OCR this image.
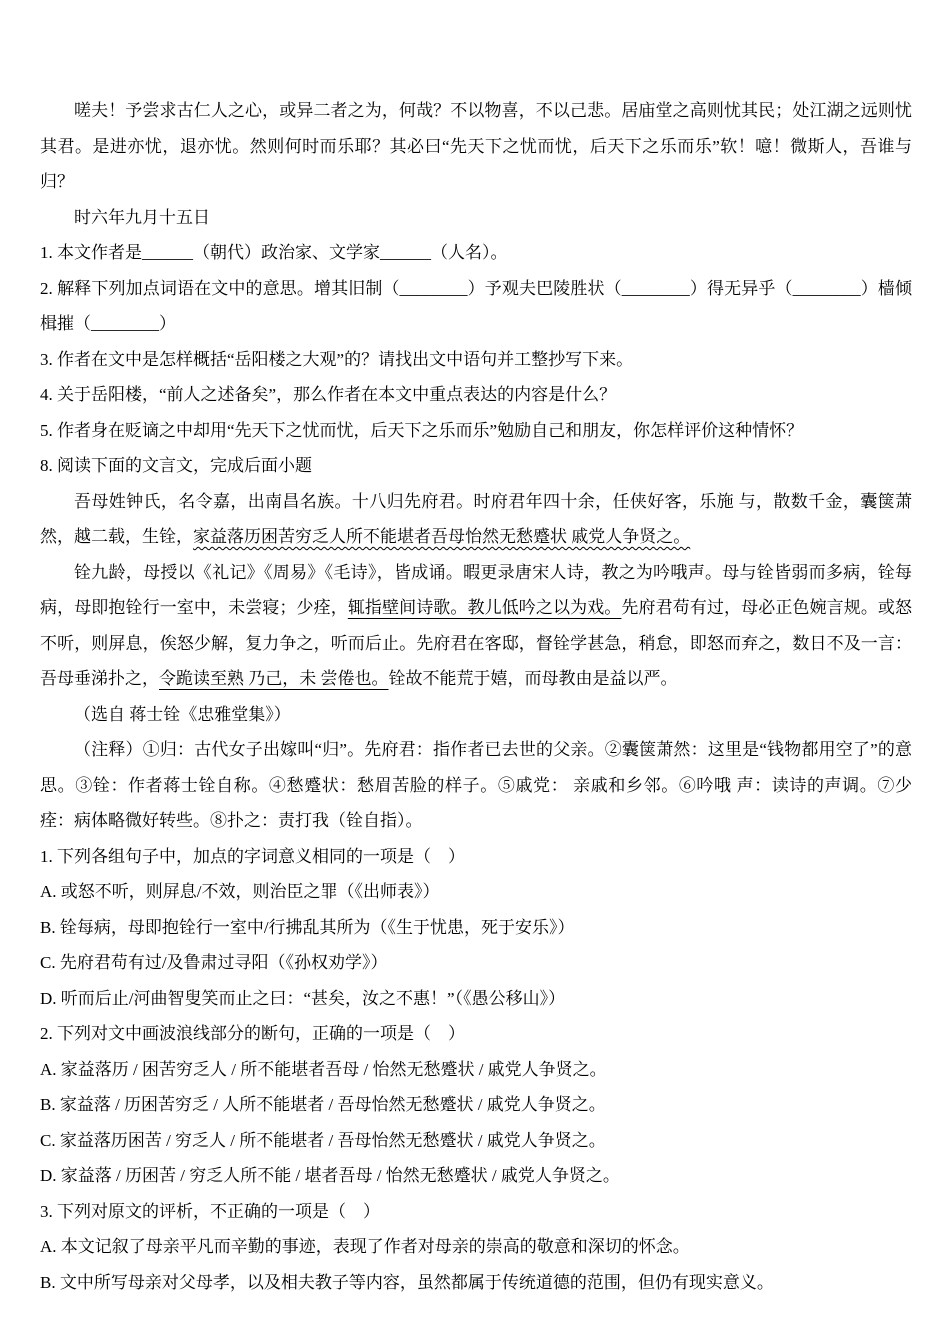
嗟夫！予尝求古仁人之心，或异二者之为，何哉？不以物喜，不以己悲。居庙堂之高则忧其民；处江湖之远则忧其君。是进亦忧，退亦忧。然则何时而乐耶？其必曰“先天下之忧而忧，后天下之乐而乐”软！噫！微斯人，吾谁与归？

时六年九月十五日

1. 本文作者是______（朝代）政治家、文学家______（人名）。

2. 解释下列加点词语在文中的意思。增其旧制（________）予观夫巴陵胜状（________）得无异乎（________）樯倾楫摧（________）

3. 作者在文中是怎样概括“岳阳楼之大观”的？请找出文中语句并工整抄写下来。

4. 关于岳阳楼，“前人之述备矣”，那么作者在本文中重点表达的内容是什么？

5. 作者身在贬谪之中却用“先天下之忧而忧，后天下之乐而乐”勉励自己和朋友，你怎样评价这种情怀？

8. 阅读下面的文言文，完成后面小题

吾母姓钟氏，名令嘉，出南昌名族。十八归先府君。时府君年四十余，任侠好客，乐施 与，散数千金，囊箧萧然，越二载，生铨，家益落历困苦穷乏人所不能堪者吾母怡然无愁蹙状 戚党人争贤之。

铨九龄，母授以《礼记》《周易》《毛诗》，皆成诵。暇更录唐宋人诗，教之为吟哦声。母与铨皆弱而多病，铨每病，母即抱铨行一室中，未尝寝；少痊，辄指壁间诗歌。教儿低吟之以为戏。先府君苟有过，母必正色婉言规。或怒不听，则屏息，俟怒少解，复力争之，听而后止。先府君在客邸，督铨学甚急，稍怠，即怒而弃之，数日不及一言：吾母垂涕扑之，令跪读至熟 乃己，未 尝倦也。铨故不能荒于嬉，而母教由是益以严。

（选自 蒋士铨《忠雅堂集》）

（注释）①归：古代女子出嫁叫“归”。先府君：指作者已去世的父亲。②囊箧萧然：这里是“钱物都用空了”的意思。③铨：作者蒋士铨自称。④愁蹙状：愁眉苦脸的样子。⑤戚党： 亲戚和乡邻。⑥吟哦 声：读诗的声调。⑦少痊：病体略微好转些。⑧扑之：责打我（铨自指）。

1. 下列各组句子中，加点的字词意义相同的一项是（　）

A. 或怒不听，则屏息/不效，则治臣之罪（《出师表》）

B. 铨每病，母即抱铨行一室中/行拂乱其所为（《生于忧患，死于安乐》）

C. 先府君苟有过/及鲁肃过寻阳（《孙权劝学》）

D. 听而后止/河曲智叟笑而止之曰：“甚矣，汝之不惠！”（《愚公移山》）

2. 下列对文中画波浪线部分的断句，正确的一项是（　）

A. 家益落历 / 困苦穷乏人 / 所不能堪者吾母 / 怡然无愁蹙状 / 戚党人争贤之。

B. 家益落 / 历困苦穷乏 / 人所不能堪者 / 吾母怡然无愁蹙状 / 戚党人争贤之。

C. 家益落历困苦 / 穷乏人 / 所不能堪者 / 吾母怡然无愁蹙状 / 戚党人争贤之。

D. 家益落 / 历困苦 / 穷乏人所不能 / 堪者吾母 / 怡然无愁蹙状 / 戚党人争贤之。

3. 下列对原文的评析，不正确的一项是（　）

A. 本文记叙了母亲平凡而辛勤的事迹，表现了作者对母亲的崇高的敬意和深切的怀念。

B. 文中所写母亲对父母孝，以及相夫教子等内容，虽然都属于传统道德的范围，但仍有现实意义。
